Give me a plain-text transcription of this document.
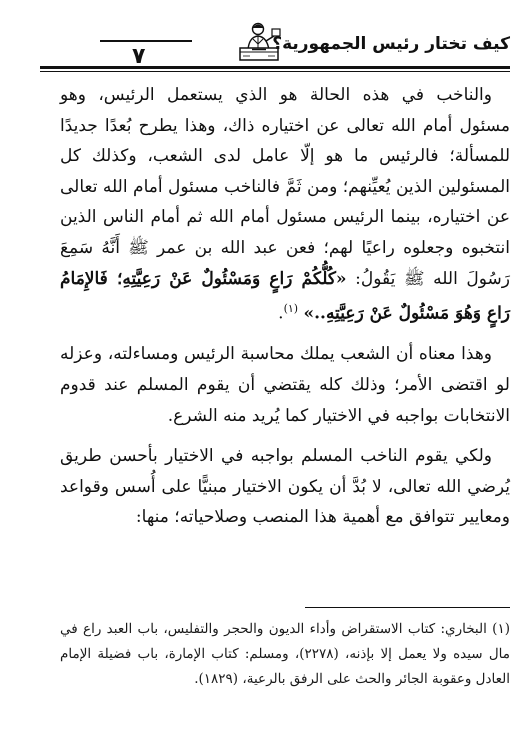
٧	كيف تختار رئيس الجمهورية؟

والناخب في هذه الحالة هو الذي يستعمل الرئيس، وهو مسئول أمام الله تعالى عن اختياره ذاك، وهذا يطرح بُعدًا جديدًا للمسألة؛ فالرئيس ما هو إلّا عامل لدى الشعب، وكذلك كل المسئولين الذين يُعيِّنهم؛ ومن ثَمَّ فالناخب مسئول أمام الله تعالى عن اختياره، بينما الرئيس مسئول أمام الله ثم أمام الناس الذين انتخبوه وجعلوه راعيًا لهم؛ فعن عبد الله بن عمر ﷺ أَنَّهُ سَمِعَ رَسُولَ الله ﷺ يَقُولُ: «كُلُّكُمْ رَاعٍ وَمَسْئُولٌ عَنْ رَعِيَّتِهِ؛ فَالإِمَامُ رَاعٍ وَهُوَ مَسْئُولٌ عَنْ رَعِيَّتِهِ..» $^{(١)}$.

وهذا معناه أن الشعب يملك محاسبة الرئيس ومساءلته، وعزله لو اقتضى الأمر؛ وذلك كله يقتضي أن يقوم المسلم عند قدوم الانتخابات بواجبه في الاختيار كما يُريد منه الشرع.

ولكي يقوم الناخب المسلم بواجبه في الاختيار بأحسن طريق يُرضي الله تعالى، لا بُدَّ أن يكون الاختيار مبنيًّا على أُسس وقواعد ومعايير تتوافق مع أهمية هذا المنصب وصلاحياته؛ منها:

(١) البخاري: كتاب الاستقراض وأداء الديون والحجر والتفليس، باب العبد راع في مال سيده ولا يعمل إلا بإذنه، (٢٢٧٨)، ومسلم: كتاب الإمارة، باب فضيلة الإمام العادل وعقوبة الجائر والحث على الرفق بالرعية، (١٨٢٩).
